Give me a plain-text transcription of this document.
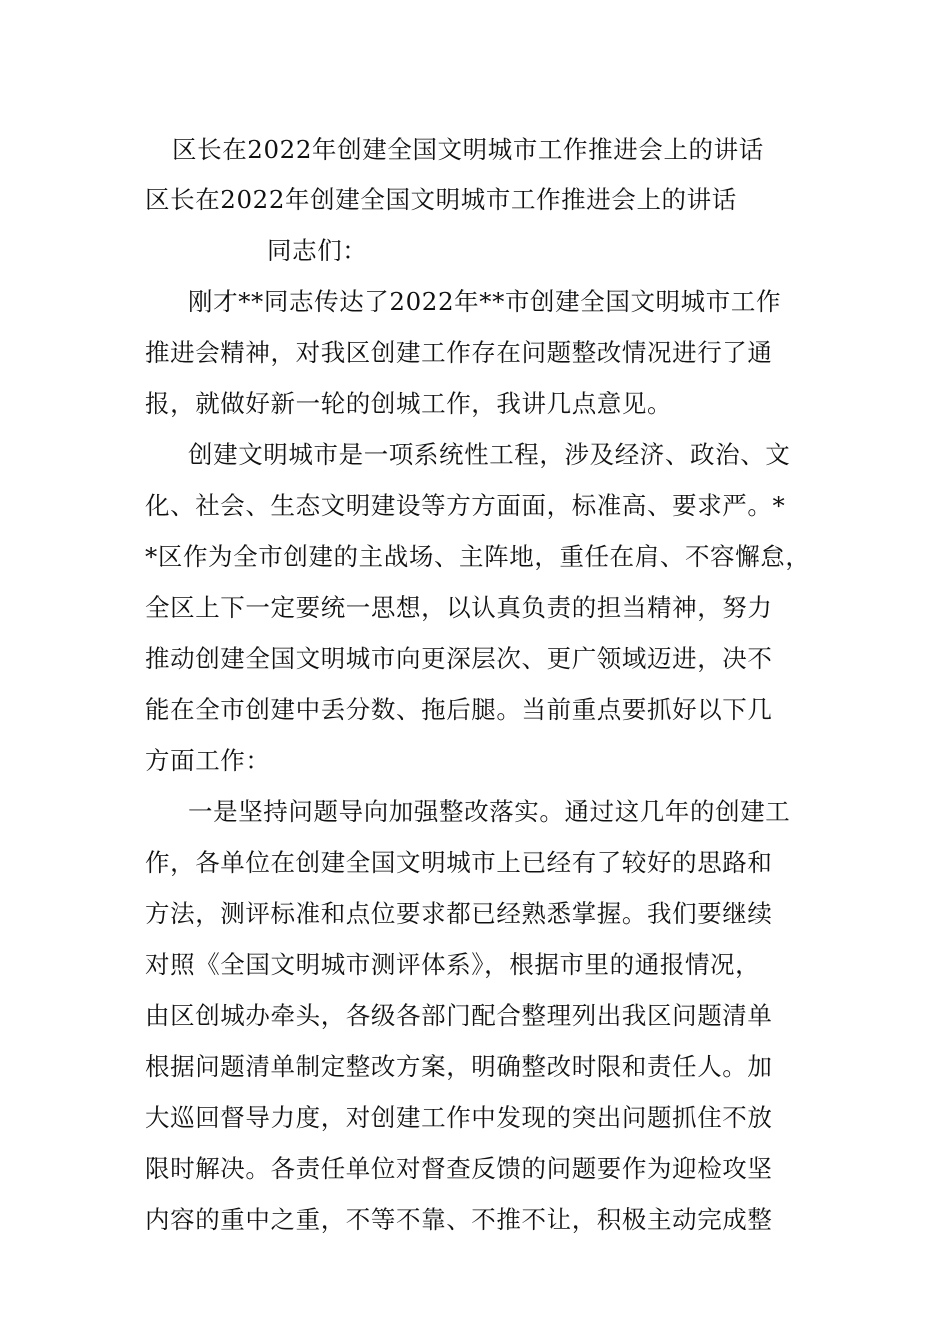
区长在2022年创建全国文明城市工作推进会上的讲话
区长在2022年创建全国文明城市工作推进会上的讲话
同志们：
刚才**同志传达了2022年**市创建全国文明城市工作
推进会精神，对我区创建工作存在问题整改情况进行了通
报，就做好新一轮的创城工作，我讲几点意见。
创建文明城市是一项系统性工程，涉及经济、政治、文
化、社会、生态文明建设等方方面面，标准高、要求严。*
*区作为全市创建的主战场、主阵地，重任在肩、不容懈怠，
全区上下一定要统一思想，以认真负责的担当精神，努力
推动创建全国文明城市向更深层次、更广领域迈进，决不
能在全市创建中丢分数、拖后腿。当前重点要抓好以下几
方面工作：
一是坚持问题导向加强整改落实。通过这几年的创建工
作，各单位在创建全国文明城市上已经有了较好的思路和
方法，测评标准和点位要求都已经熟悉掌握。我们要继续
对照《全国文明城市测评体系》，根据市里的通报情况，
由区创城办牵头，各级各部门配合整理列出我区问题清单
根据问题清单制定整改方案，明确整改时限和责任人。加
大巡回督导力度，对创建工作中发现的突出问题抓住不放
限时解决。各责任单位对督查反馈的问题要作为迎检攻坚
内容的重中之重，不等不靠、不推不让，积极主动完成整
